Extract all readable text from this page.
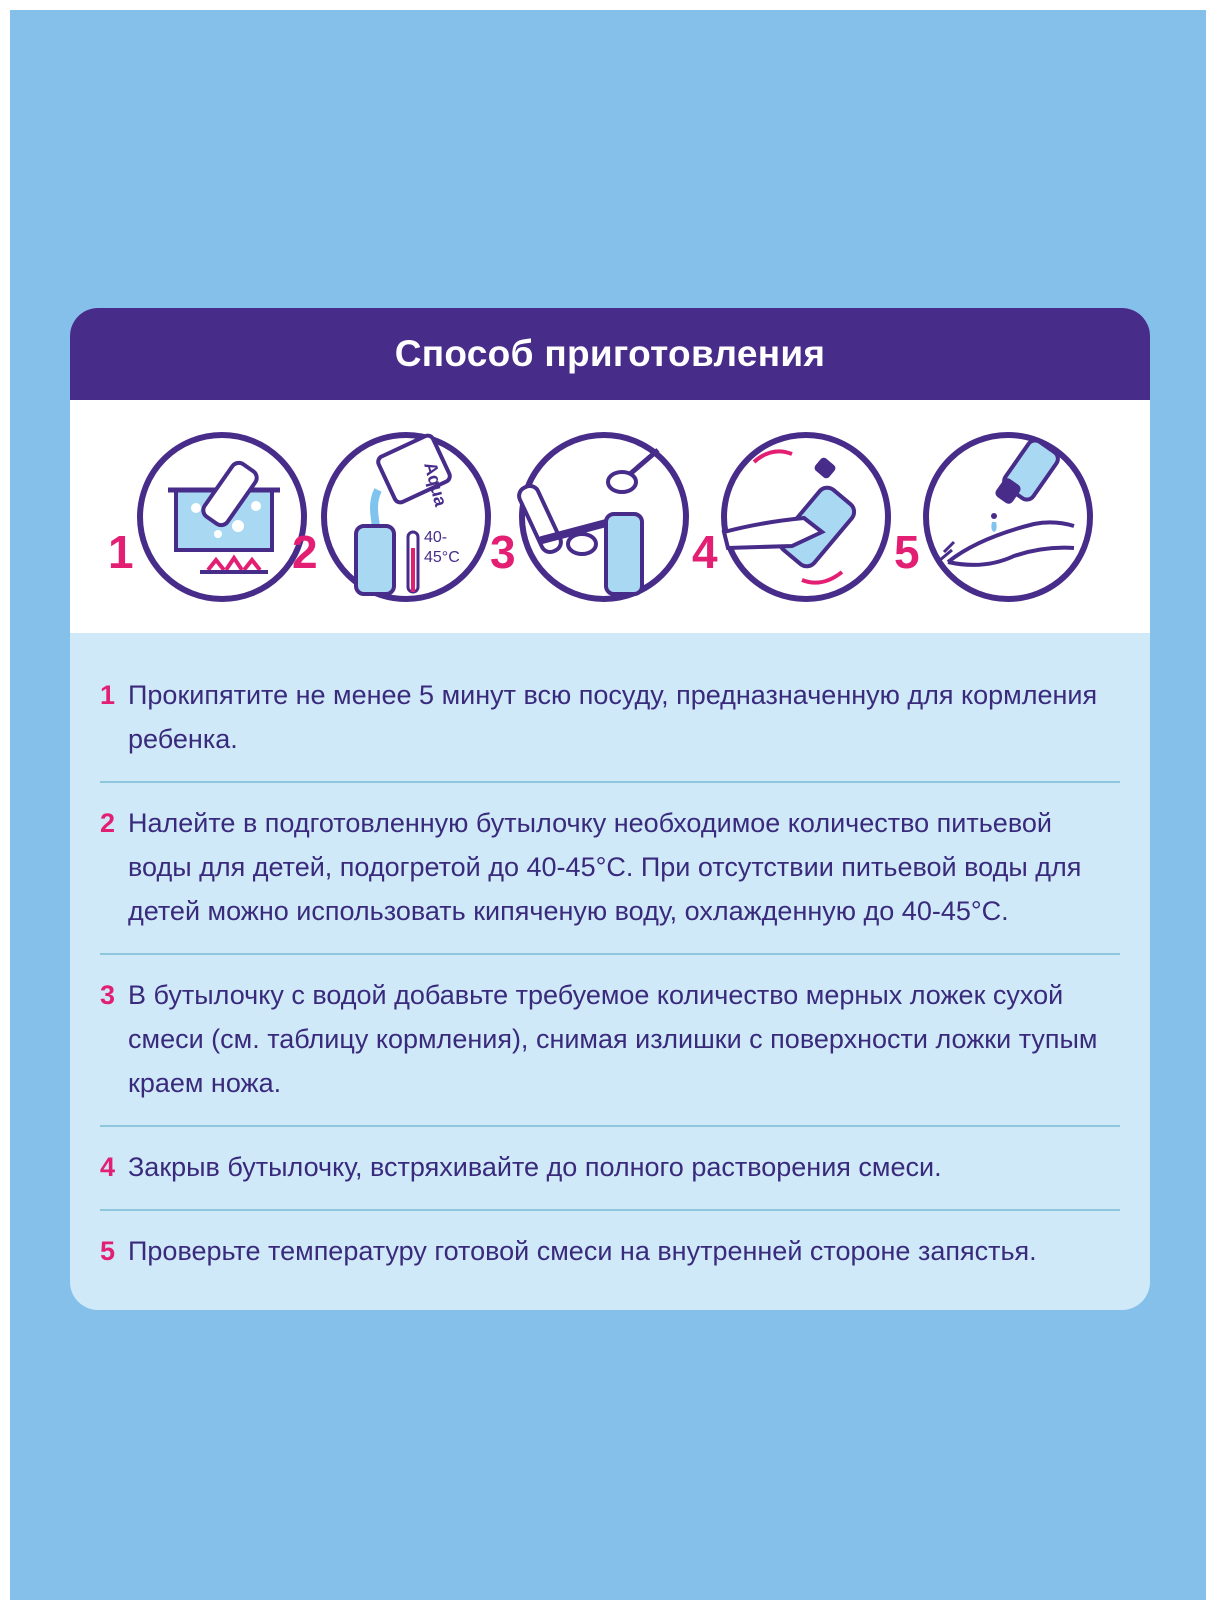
Способ приготовления
1	2
Aqua
40-
45°C 3	4	5
1 Прокипятите не менее 5 минут всю посуду, предназначенную для кормления ребенка.
2 Налейте в подготовленную бутылочку необходимое количество питьевой воды для детей, подогретой до 40-45°C. При отсутствии питьевой воды для детей можно использовать кипяченую воду, охлажденную до 40-45°C.
3 В бутылочку с водой добавьте требуемое количество мерных ложек сухой смеси (см. таблицу кормления), снимая излишки с поверхности ложки тупым краем ножа.
4 Закрыв бутылочку, встряхивайте до полного растворения смеси.
5 Проверьте температуру готовой смеси на внутренней стороне запястья.
